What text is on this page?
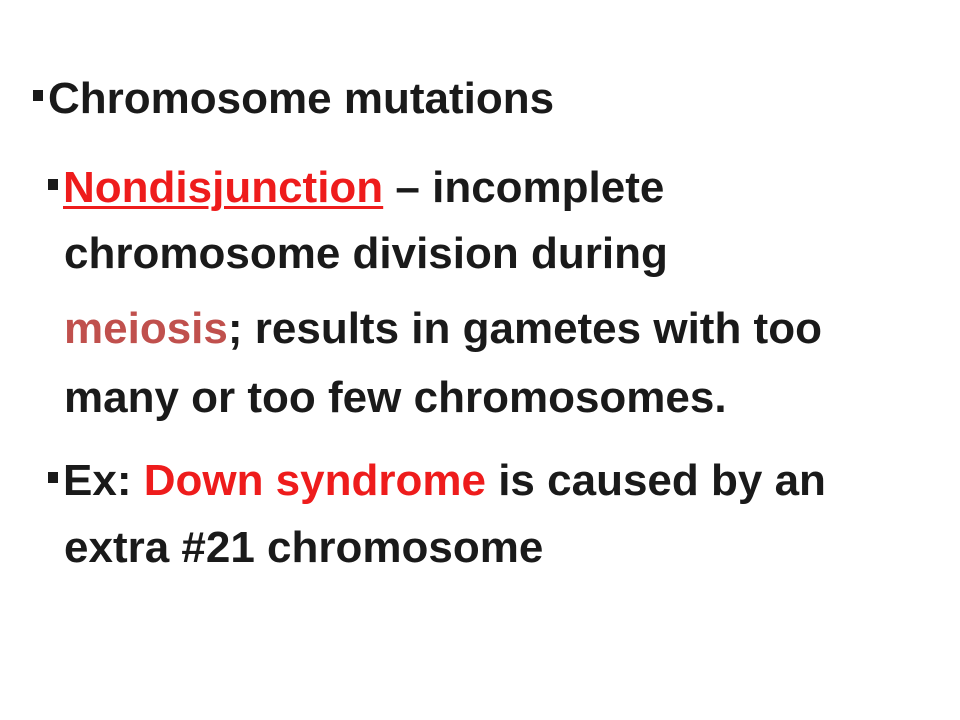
Chromosome mutations
Nondisjunction – incomplete
chromosome division during
meiosis; results in gametes with too
many or too few chromosomes.
Ex: Down syndrome is caused by an
extra #21 chromosome
